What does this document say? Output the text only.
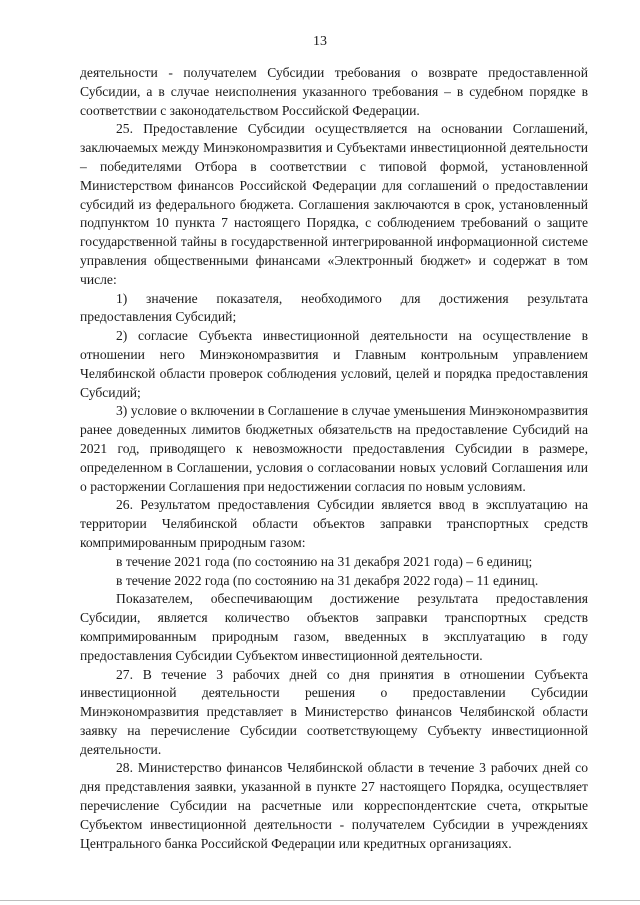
13

деятельности - получателем Субсидии требования о возврате предоставленной Субсидии, а в случае неисполнения указанного требования – в судебном порядке в соответствии с законодательством Российской Федерации.

25. Предоставление Субсидии осуществляется на основании Соглашений, заключаемых между Минэкономразвития и Субъектами инвестиционной деятельности – победителями Отбора в соответствии с типовой формой, установленной Министерством финансов Российской Федерации для соглашений о предоставлении субсидий из федерального бюджета. Соглашения заключаются в срок, установленный подпунктом 10 пункта 7 настоящего Порядка, с соблюдением требований о защите государственной тайны в государственной интегрированной информационной системе управления общественными финансами «Электронный бюджет» и содержат в том числе:

1) значение показателя, необходимого для достижения результата предоставления Субсидий;

2) согласие Субъекта инвестиционной деятельности на осуществление в отношении него Минэкономразвития и Главным контрольным управлением Челябинской области проверок соблюдения условий, целей и порядка предоставления Субсидий;

3) условие о включении в Соглашение в случае уменьшения Минэкономразвития ранее доведенных лимитов бюджетных обязательств на предоставление Субсидий на 2021 год, приводящего к невозможности предоставления Субсидии в размере, определенном в Соглашении, условия о согласовании новых условий Соглашения или о расторжении Соглашения при недостижении согласия по новым условиям.

26. Результатом предоставления Субсидии является ввод в эксплуатацию на территории Челябинской области объектов заправки транспортных средств компримированным природным газом:

в течение 2021 года (по состоянию на 31 декабря 2021 года) – 6 единиц;

в течение 2022 года (по состоянию на 31 декабря 2022 года) – 11 единиц.

Показателем, обеспечивающим достижение результата предоставления Субсидии, является количество объектов заправки транспортных средств компримированным природным газом, введенных в эксплуатацию в году предоставления Субсидии Субъектом инвестиционной деятельности.

27. В течение 3 рабочих дней со дня принятия в отношении Субъекта инвестиционной деятельности решения о предоставлении Субсидии Минэкономразвития представляет в Министерство финансов Челябинской области заявку на перечисление Субсидии соответствующему Субъекту инвестиционной деятельности.

28. Министерство финансов Челябинской области в течение 3 рабочих дней со дня представления заявки, указанной в пункте 27 настоящего Порядка, осуществляет перечисление Субсидии на расчетные или корреспондентские счета, открытые Субъектом инвестиционной деятельности - получателем Субсидии в учреждениях Центрального банка Российской Федерации или кредитных организациях.
